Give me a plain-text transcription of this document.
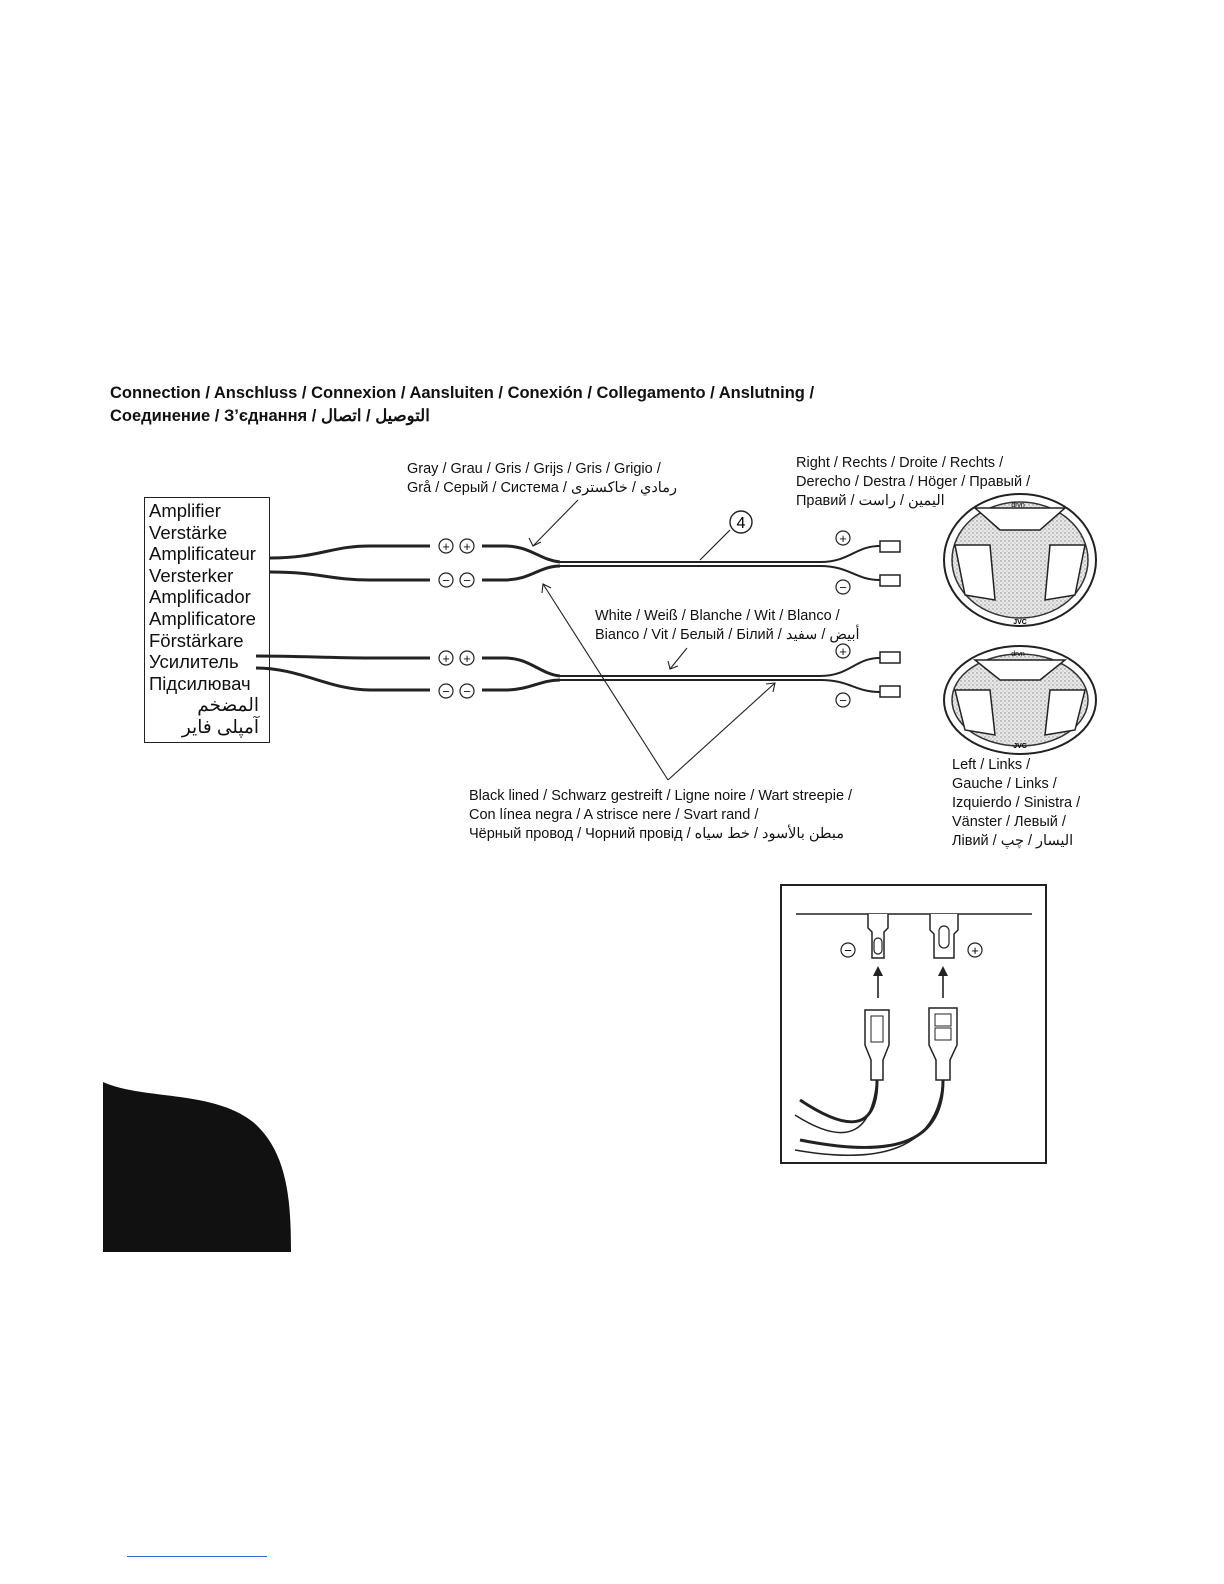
Connection / Anschluss / Connexion / Aansluiten / Conexión / Collegamento / Anslutning /
Соединение / З’єднання / التوصيل / اتصال
Amplifier
Verstärke
Amplificateur
Versterker
Amplificador
Amplificatore
Förstärkare
Усилитель
Підсилювач
المضخم
آمپلی فایر
Gray / Grau / Gris / Grijs / Gris / Grigio /
Grå / Серый / Система / رمادي / خاکستری
Right / Rechts / Droite / Rechts /
Derecho / Destra / Höger / Правый /
Правий / اليمين / راست
White / Weiß / Blanche / Wit / Blanco /
Bianco / Vit / Белый / Білий / أبيض / سفید
Black lined / Schwarz gestreift / Ligne noire / Wart streepie /
Con línea negra / A strisce nere / Svart rand /
Чёрный провод / Чорний провід / مبطن بالأسود / خط سیاه
Left / Links /
Gauche / Links /
Izquierdo / Sinistra /
Vänster / Левый /
Лівий / اليسار / چپ
+ +
− −
+ +
− −
+
−
+
−
4
drvn
JVC
drvn
JVC
−	+
